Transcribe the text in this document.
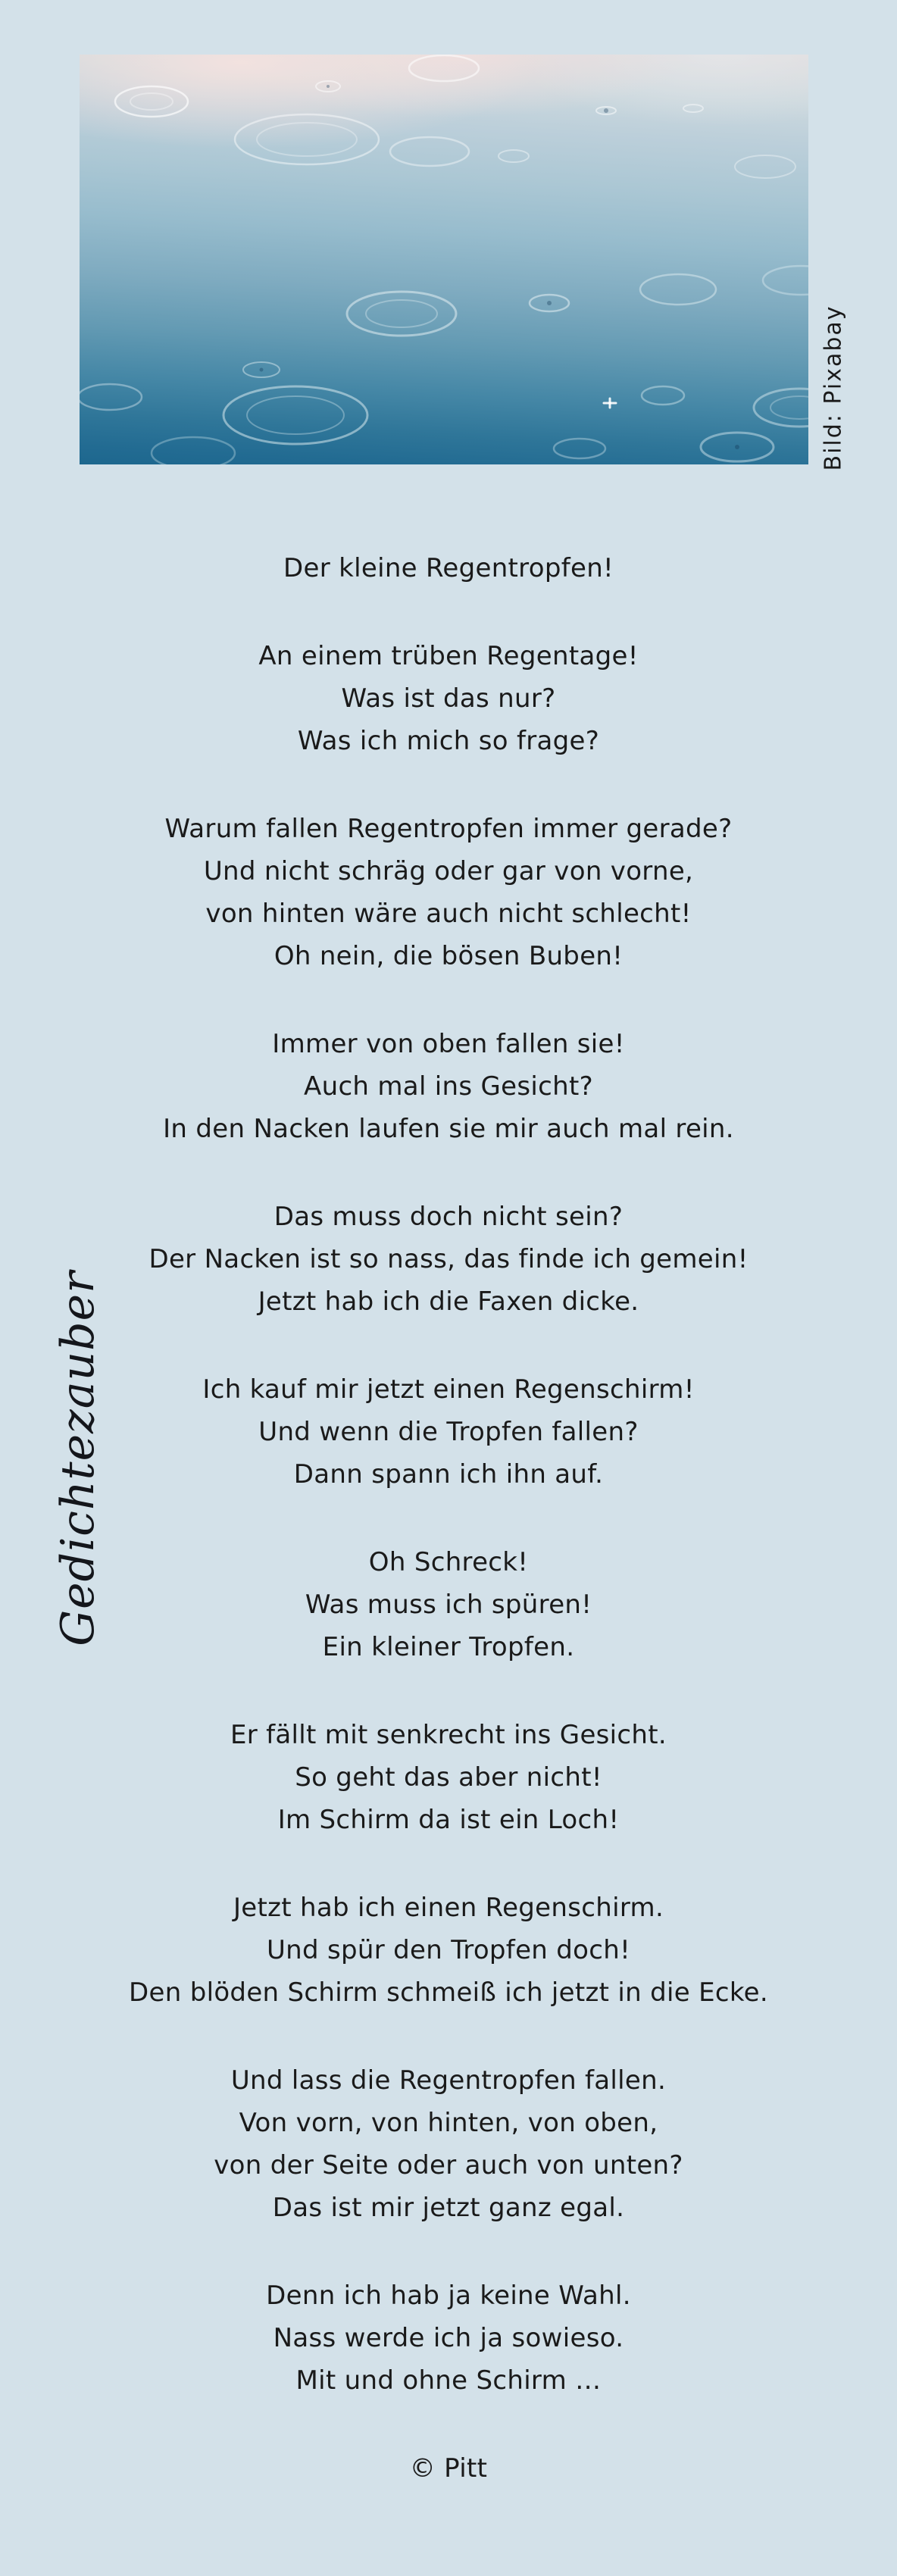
Bild: Pixabay
Gedichtezauber
Der kleine Regentropfen!
An einem trüben Regentage!
Was ist das nur?
Was ich mich so frage?
Warum fallen Regentropfen immer gerade?
Und nicht schräg oder gar von vorne,
von hinten wäre auch nicht schlecht!
Oh nein, die bösen Buben!
Immer von oben fallen sie!
Auch mal ins Gesicht?
In den Nacken laufen sie mir auch mal rein.
Das muss doch nicht sein?
Der Nacken ist so nass, das finde ich gemein!
Jetzt hab ich die Faxen dicke.
Ich kauf mir jetzt einen Regenschirm!
Und wenn die Tropfen fallen?
Dann spann ich ihn auf.
Oh Schreck!
Was muss ich spüren!
Ein kleiner Tropfen.
Er fällt mit senkrecht ins Gesicht.
So geht das aber nicht!
Im Schirm da ist ein Loch!
Jetzt hab ich einen Regenschirm.
Und spür den Tropfen doch!
Den blöden Schirm schmeiß ich jetzt in die Ecke.
Und lass die Regentropfen fallen.
Von vorn, von hinten, von oben,
von der Seite oder auch von unten?
Das ist mir jetzt ganz egal.
Denn ich hab ja keine Wahl.
Nass werde ich ja sowieso.
Mit und ohne Schirm …
© Pitt
